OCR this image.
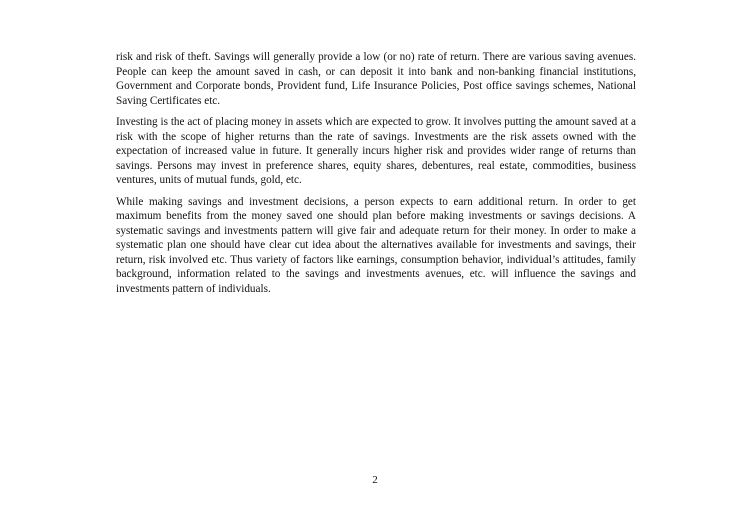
risk and risk of theft. Savings will generally provide a low (or no) rate of return. There are various saving avenues. People can keep the amount saved in cash, or can deposit it into bank and non-banking financial institutions, Government and Corporate bonds, Provident fund, Life Insurance Policies, Post office savings schemes, National Saving Certificates etc.

Investing is the act of placing money in assets which are expected to grow. It involves putting the amount saved at a risk with the scope of higher returns than the rate of savings. Investments are the risk assets owned with the expectation of increased value in future. It generally incurs higher risk and provides wider range of returns than savings. Persons may invest in preference shares, equity shares, debentures, real estate, commodities, business ventures, units of mutual funds, gold, etc.

While making savings and investment decisions, a person expects to earn additional return. In order to get maximum benefits from the money saved one should plan before making investments or savings decisions. A systematic savings and investments pattern will give fair and adequate return for their money. In order to make a systematic plan one should have clear cut idea about the alternatives available for investments and savings, their return, risk involved etc. Thus variety of factors like earnings, consumption behavior, individual’s attitudes, family background, information related to the savings and investments avenues, etc. will influence the savings and investments pattern of individuals.

2
